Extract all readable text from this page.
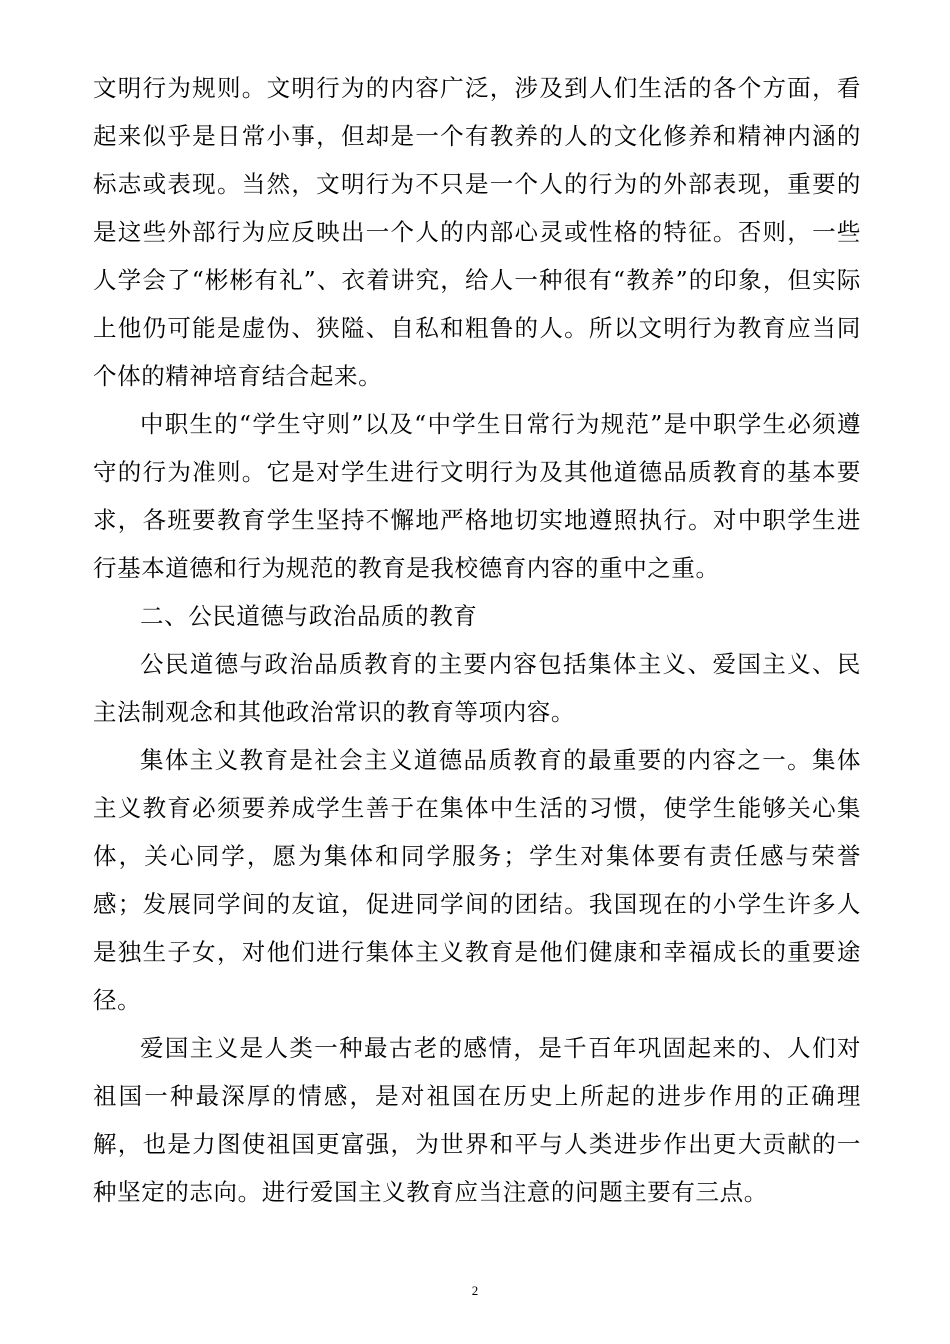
文明行为规则。文明行为的内容广泛，涉及到人们生活的各个方面，看起来似乎是日常小事，但却是一个有教养的人的文化修养和精神内涵的标志或表现。当然，文明行为不只是一个人的行为的外部表现，重要的是这些外部行为应反映出一个人的内部心灵或性格的特征。否则，一些人学会了“彬彬有礼”、衣着讲究，给人一种很有“教养”的印象，但实际上他仍可能是虚伪、狭隘、自私和粗鲁的人。所以文明行为教育应当同个体的精神培育结合起来。

中职生的“学生守则”以及“中学生日常行为规范”是中职学生必须遵守的行为准则。它是对学生进行文明行为及其他道德品质教育的基本要求，各班要教育学生坚持不懈地严格地切实地遵照执行。对中职学生进行基本道德和行为规范的教育是我校德育内容的重中之重。

二、公民道德与政治品质的教育

公民道德与政治品质教育的主要内容包括集体主义、爱国主义、民主法制观念和其他政治常识的教育等项内容。

集体主义教育是社会主义道德品质教育的最重要的内容之一。集体主义教育必须要养成学生善于在集体中生活的习惯，使学生能够关心集体，关心同学，愿为集体和同学服务；学生对集体要有责任感与荣誉感；发展同学间的友谊，促进同学间的团结。我国现在的小学生许多人是独生子女，对他们进行集体主义教育是他们健康和幸福成长的重要途径。

爱国主义是人类一种最古老的感情，是千百年巩固起来的、人们对祖国一种最深厚的情感，是对祖国在历史上所起的进步作用的正确理解，也是力图使祖国更富强，为世界和平与人类进步作出更大贡献的一种坚定的志向。进行爱国主义教育应当注意的问题主要有三点。

2
